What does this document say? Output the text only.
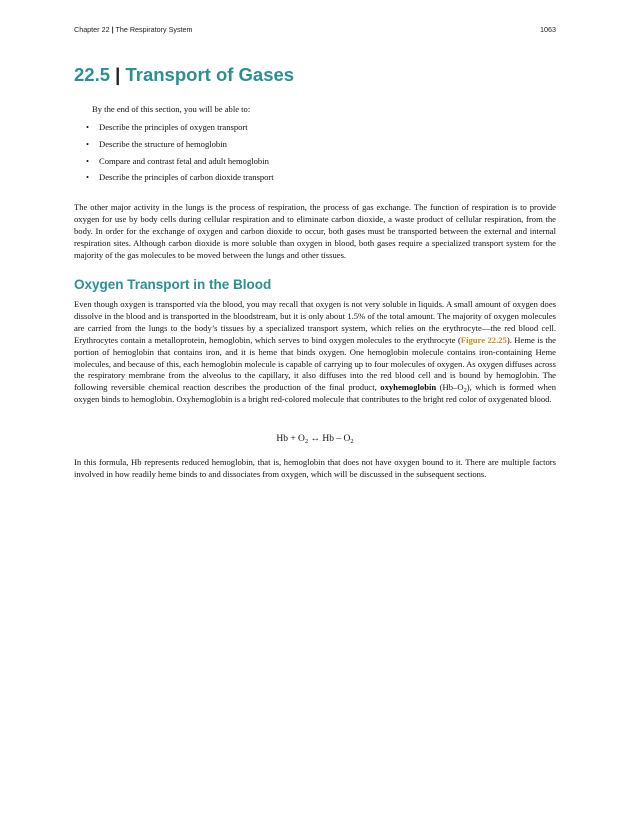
Chapter 22 | The Respiratory System	1063
22.5 | Transport of Gases

By the end of this section, you will be able to:

• Describe the principles of oxygen transport
• Describe the structure of hemoglobin
• Compare and contrast fetal and adult hemoglobin
• Describe the principles of carbon dioxide transport

The other major activity in the lungs is the process of respiration, the process of gas exchange. The function of respiration is to provide oxygen for use by body cells during cellular respiration and to eliminate carbon dioxide, a waste product of cellular respiration, from the body. In order for the exchange of oxygen and carbon dioxide to occur, both gases must be transported between the external and internal respiration sites. Although carbon dioxide is more soluble than oxygen in blood, both gases require a specialized transport system for the majority of the gas molecules to be moved between the lungs and other tissues.

Oxygen Transport in the Blood

Even though oxygen is transported via the blood, you may recall that oxygen is not very soluble in liquids. A small amount of oxygen does dissolve in the blood and is transported in the bloodstream, but it is only about 1.5% of the total amount. The majority of oxygen molecules are carried from the lungs to the body’s tissues by a specialized transport system, which relies on the erythrocyte—the red blood cell. Erythrocytes contain a metalloprotein, hemoglobin, which serves to bind oxygen molecules to the erythrocyte (Figure 22.25). Heme is the portion of hemoglobin that contains iron, and it is heme that binds oxygen. One hemoglobin molecule contains iron-containing Heme molecules, and because of this, each hemoglobin molecule is capable of carrying up to four molecules of oxygen. As oxygen diffuses across the respiratory membrane from the alveolus to the capillary, it also diffuses into the red blood cell and is bound by hemoglobin. The following reversible chemical reaction describes the production of the final product, oxyhemoglobin $(Hb-O_2)$, which is formed when oxygen binds to hemoglobin. Oxyhemoglobin is a bright red-colored molecule that contributes to the bright red color of oxygenated blood.

$Hb + O_2$ ↔ Hb – $O_2$

In this formula, Hb represents reduced hemoglobin, that is, hemoglobin that does not have oxygen bound to it. There are multiple factors involved in how readily heme binds to and dissociates from oxygen, which will be discussed in the subsequent sections.
